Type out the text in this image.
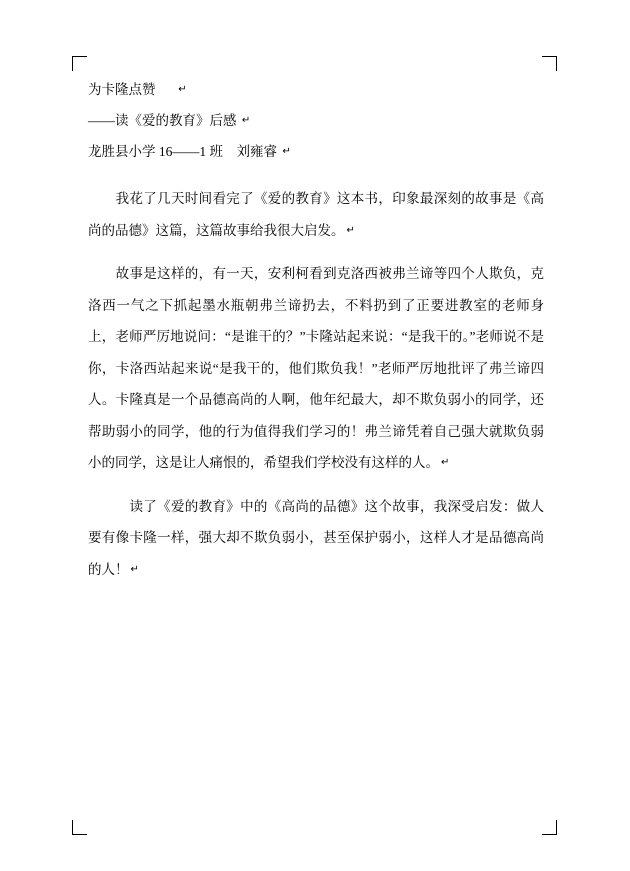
为卡隆点赞 ↵
——读《爱的教育》后感 ↵
龙胜县小学 16——1 班　刘雍睿 ↵

　　我花了几天时间看完了《爱的教育》这本书，印象最深刻的故事是《高尚的品德》这篇，这篇故事给我很大启发。 ↵

　　故事是这样的，有一天，安利柯看到克洛西被弗兰谛等四个人欺负，克洛西一气之下抓起墨水瓶朝弗兰谛扔去，不料扔到了正要进教室的老师身上，老师严厉地说问：“是谁干的？”卡隆站起来说：“是我干的。”老师说不是你，卡洛西站起来说“是我干的，他们欺负我！”老师严厉地批评了弗兰谛四人。卡隆真是一个品德高尚的人啊，他年纪最大，却不欺负弱小的同学，还帮助弱小的同学，他的行为值得我们学习的！弗兰谛凭着自己强大就欺负弱小的同学，这是让人痛恨的，希望我们学校没有这样的人。 ↵

　　　读了《爱的教育》中的《高尚的品德》这个故事，我深受启发：做人要有像卡隆一样，强大却不欺负弱小，甚至保护弱小，这样人才是品德高尚的人！ ↵
